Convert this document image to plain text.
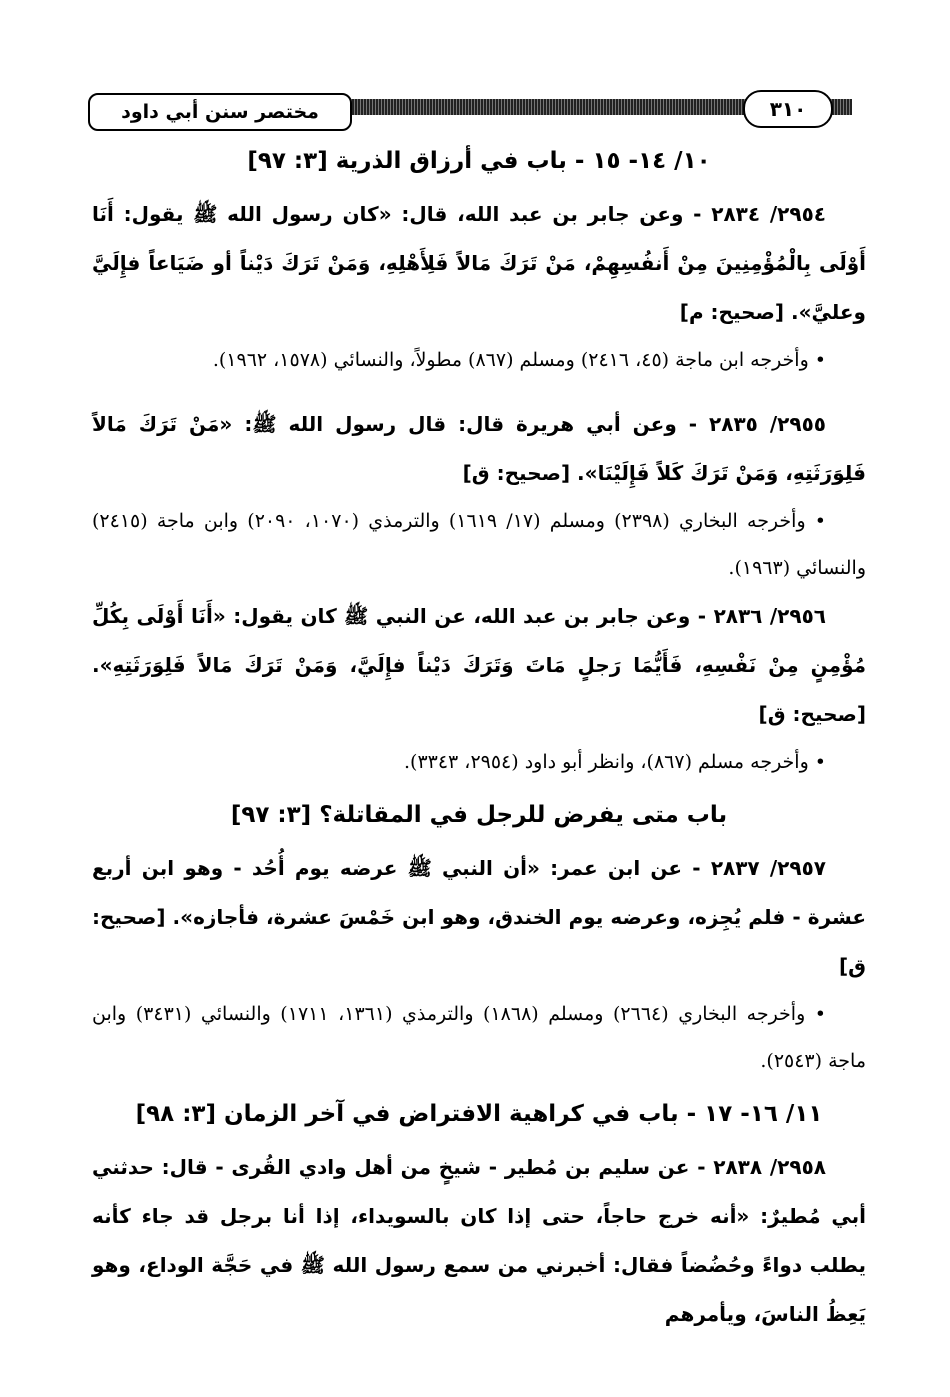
مختصر سنن أبي داود	٣١٠
١٠/ ١٤- ١٥ - باب في أرزاق الذرية [٣: ٩٧]

٢٩٥٤/ ٢٨٣٤ - وعن جابر بن عبد الله، قال: «كان رسول الله ﷺ يقول: أَنَا أَوْلَى بِالْمُؤْمِنِينَ مِنْ أَنفُسِهِمْ، مَنْ تَرَكَ مَالاً فَلِأَهْلِهِ، وَمَنْ تَرَكَ دَيْناً أو ضَيَاعاً فإِلَيَّ وعليَّ». [صحيح: م]

• وأخرجه ابن ماجة (٤٥، ٢٤١٦) ومسلم (٨٦٧) مطولاً، والنسائي (١٥٧٨، ١٩٦٢).

٢٩٥٥/ ٢٨٣٥ - وعن أبي هريرة قال: قال رسول الله ﷺ: «مَنْ تَرَكَ مَالاً فَلِوَرَثَتِهِ، وَمَنْ تَرَكَ كَلاً فَإِلَيْنَا». [صحيح: ق]

• وأخرجه البخاري (٢٣٩٨) ومسلم (١٧/ ١٦١٩) والترمذي (١٠٧٠، ٢٠٩٠) وابن ماجة (٢٤١٥) والنسائي (١٩٦٣).

٢٩٥٦/ ٢٨٣٦ - وعن جابر بن عبد الله، عن النبي ﷺ كان يقول: «أَنَا أَوْلَى بِكُلِّ مُؤْمِنٍ مِنْ نَفْسِهِ، فَأَيُّمَا رَجلٍ مَاتَ وَتَرَكَ دَيْناً فإِلَيَّ، وَمَنْ تَرَكَ مَالاً فَلِوَرَثَتِهِ». [صحيح: ق]

• وأخرجه مسلم (٨٦٧)، وانظر أبو داود (٢٩٥٤، ٣٣٤٣).

باب متى يفرض للرجل في المقاتلة؟ [٣: ٩٧]

٢٩٥٧/ ٢٨٣٧ - عن ابن عمر: «أن النبي ﷺ عرضه يوم أُحُد - وهو ابن أربع عشرة - فلم يُجِزه، وعرضه يوم الخندق، وهو ابن خَمْسَ عشرة، فأجازه». [صحيح: ق]

• وأخرجه البخاري (٢٦٦٤) ومسلم (١٨٦٨) والترمذي (١٣٦١، ١٧١١) والنسائي (٣٤٣١) وابن ماجة (٢٥٤٣).

١١/ ١٦- ١٧ - باب في كراهية الافتراض في آخر الزمان [٣: ٩٨]

٢٩٥٨/ ٢٨٣٨ - عن سليم بن مُطير - شيخٍ من أهل وادي القُرى - قال: حدثني أبي مُطيرٌ: «أنه خرج حاجاً، حتى إذا كان بالسويداء، إذا أنا برجل قد جاء كأنه يطلب دواءً وحُضُضاً فقال: أخبرني من سمع رسول الله ﷺ في حَجَّة الوداع، وهو يَعِظُ الناسَ، ويأمرهم
